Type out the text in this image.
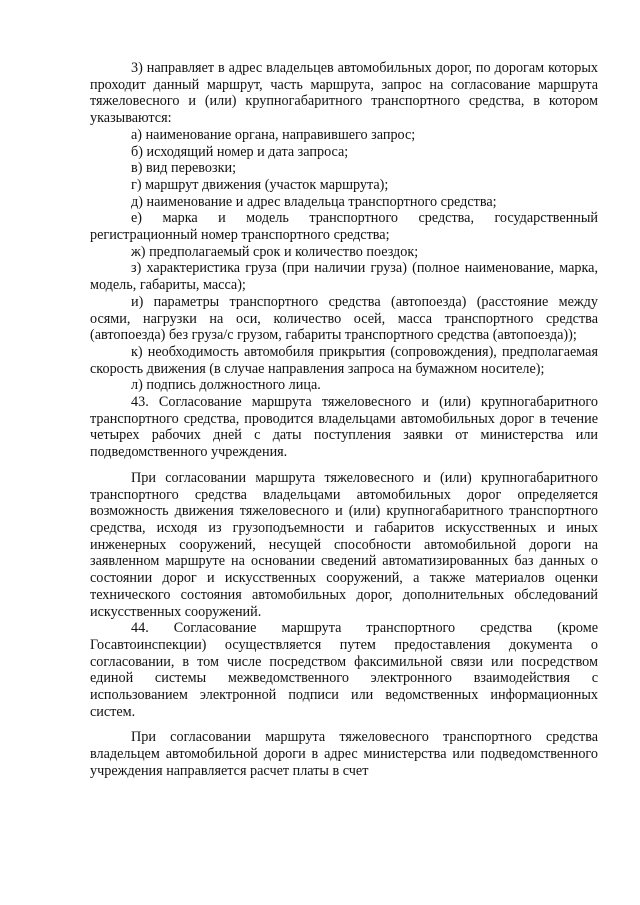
3) направляет в адрес владельцев автомобильных дорог, по дорогам которых проходит данный маршрут, часть маршрута, запрос на согласование маршрута тяжеловесного и (или) крупногабаритного транспортного средства, в котором указываются:

а) наименование органа, направившего запрос;

б) исходящий номер и дата запроса;

в) вид перевозки;

г) маршрут движения (участок маршрута);

д) наименование и адрес владельца транспортного средства;

е) марка и модель транспортного средства, государственный регистрационный номер транспортного средства;

ж) предполагаемый срок и количество поездок;

з) характеристика груза (при наличии груза) (полное наименование, марка, модель, габариты, масса);

и) параметры транспортного средства (автопоезда) (расстояние между осями, нагрузки на оси, количество осей, масса транспортного средства (автопоезда) без груза/с грузом, габариты транспортного средства (автопоезда));

к) необходимость автомобиля прикрытия (сопровождения), предполагаемая скорость движения (в случае направления запроса на бумажном носителе);

л) подпись должностного лица.

43. Согласование маршрута тяжеловесного и (или) крупногабаритного транспортного средства, проводится владельцами автомобильных дорог в течение четырех рабочих дней с даты поступления заявки от министерства или подведомственного учреждения.

При согласовании маршрута тяжеловесного и (или) крупногабаритного транспортного средства владельцами автомобильных дорог определяется возможность движения тяжеловесного и (или) крупногабаритного транспортного средства, исходя из грузоподъемности и габаритов искусственных и иных инженерных сооружений, несущей способности автомобильной дороги на заявленном маршруте на основании сведений автоматизированных баз данных о состоянии дорог и искусственных сооружений, а также материалов оценки технического состояния автомобильных дорог, дополнительных обследований искусственных сооружений.

44. Согласование маршрута транспортного средства (кроме Госавтоинспекции) осуществляется путем предоставления документа о согласовании, в том числе посредством факсимильной связи или посредством единой системы межведомственного электронного взаимодействия с использованием электронной подписи или ведомственных информационных систем.

При согласовании маршрута тяжеловесного транспортного средства владельцем автомобильной дороги в адрес министерства или подведомственного учреждения направляется расчет платы в счет
